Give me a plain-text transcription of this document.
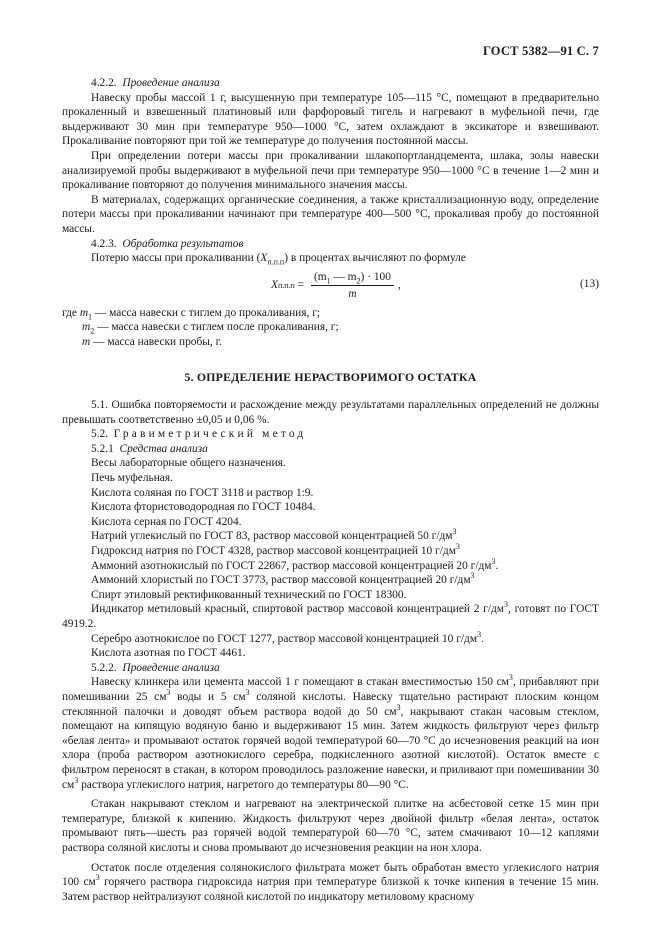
ГОСТ 5382—91 С. 7

4.2.2. Проведение анализа

Навеску пробы массой 1 г, высушенную при температуре 105—115 °С, помещают в предварительно прокаленный и взвешенный платиновый или фарфоровый тигель и нагревают в муфельной печи, где выдерживают 30 мин при температуре 950—1000 °С, затем охлаждают в эксикаторе и взвешивают. Прокаливание повторяют при той же температуре до получения постоянной массы.

При определении потери массы при прокаливании шлакопортландцемента, шлака, золы навески анализируемой пробы выдерживают в муфельной печи при температуре 950—1000 °С в течение 1—2 мин и прокаливание повторяют до получения минимального значения массы.

В материалах, содержащих органические соединения, а также кристаллизационную воду, определение потери массы при прокаливании начинают при температуре 400—500 °С, прокаливая пробу до постоянной массы.

4.2.3. Обработка результатов

Потерю массы при прокаливании $(X_{п.п.п})$ в процентах вычисляют по формуле

X $п.п.п = \frac{(m_1 — m_2) \cdot 100}{m}$ ,	(13)

где $m_1$ — масса навески с тиглем до прокаливания, г;

$m_2$ — масса навески с тиглем после прокаливания, г;

m — масса навески пробы, г.

5. ОПРЕДЕЛЕНИЕ НЕРАСТВОРИМОГО ОСТАТКА

5.1. Ошибка повторяемости и расхождение между результатами параллельных определений не должны превышать соответственно ±0,05 и 0,06 %.

5.2. Гравиметрический метод

5.2.1 Средства анализа

Весы лабораторные общего назначения.

Печь муфельная.

Кислота соляная по ГОСТ 3118 и раствор 1:9.

Кислота фтористоводородная по ГОСТ 10484.

Кислота серная по ГОСТ 4204.

Натрий углекислый по ГОСТ 83, раствор массовой концентрацией 50 $г/дм^3$

Гидроксид натрия по ГОСТ 4328, раствор массовой концентрацией 10 $г/дм^3$

Аммоний азотнокислый по ГОСТ 22867, раствор массовой концентрацией 20 $г/дм^3$.

Аммоний хлористый по ГОСТ 3773, раствор массовой концентрацией 20 $г/дм^3$

Спирт этиловый ректификованный технический по ГОСТ 18300.

Индикатор метиловый красный, спиртовой раствор массовой концентрацией 2 $г/дм^3$, готовят по ГОСТ 4919.2.

Серебро азотнокислое по ГОСТ 1277, раствор массовой концентрацией 10 $г/дм^3$.

Кислота азотная по ГОСТ 4461.

5.2.2. Проведение анализа

Навеску клинкера или цемента массой 1 г помещают в стакан вместимостью 150 $см^3$, прибавляют при помешивании 25 $см^3$ воды и 5 $см^3$ соляной кислоты. Навеску тщательно растирают плоским концом стеклянной палочки и доводят объем раствора водой до 50 $см^3$, накрывают стакан часовым стеклом, помещают на кипящую водяную баню и выдерживают 15 мин. Затем жидкость фильтруют через фильтр «белая лента» и промывают остаток горячей водой температурой 60—70 °С до исчезновения реакций на ион хлора (проба раствором азотнокислого серебра, подкисленного азотной кислотой). Остаток вместе с фильтром переносят в стакан, в котором проводилось разложение навески, и приливают при помешивании 30 $см^3$ раствора углекислого натрия, нагретого до температуры 80—90 °С.

Стакан накрывают стеклом и нагревают на электрической плитке на асбестовой сетке 15 мин при температуре, близкой к кипению. Жидкость фильтруют через двойной фильтр «белая лента», остаток промывают пять—шесть раз горячей водой температурой 60—70 °С, затем смачивают 10—12 каплями раствора соляной кислоты и снова промывают до исчезновения реакции на ион хлора.

Остаток после отделения солянокислого фильтрата может быть обработан вместо углекислого натрия 100 $см^3$ горячего раствора гидроксида натрия при температуре близкой к точке кипения в течение 15 мин. Затем раствор нейтрализуют соляной кислотой по индикатору метиловому красному
